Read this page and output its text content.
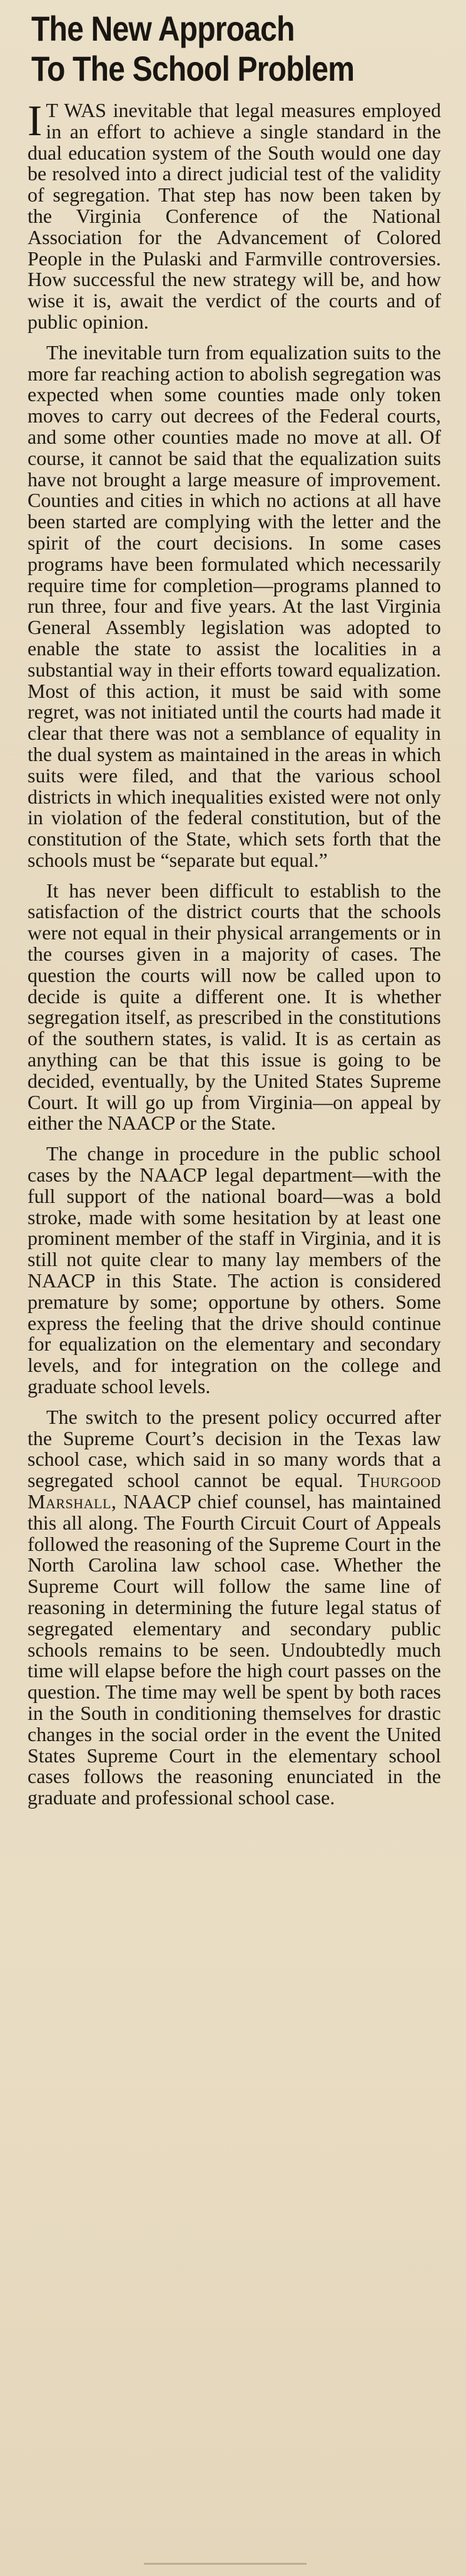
The New Approach
To The School Problem

I T WAS inevitable that legal measures employed in an effort to achieve a single standard in the dual education system of the South would one day be resolved into a direct judicial test of the validity of segregation. That step has now been taken by the Virginia Conference of the National Association for the Advancement of Colored People in the Pulaski and Farmville controversies. How successful the new strategy will be, and how wise it is, await the verdict of the courts and of public opinion.

The inevitable turn from equalization suits to the more far reaching action to abolish segregation was expected when some counties made only token moves to carry out decrees of the Federal courts, and some other counties made no move at all. Of course, it cannot be said that the equalization suits have not brought a large measure of improvement. Counties and cities in which no actions at all have been started are complying with the letter and the spirit of the court decisions. In some cases programs have been formulated which necessarily require time for completion—programs planned to run three, four and five years. At the last Virginia General Assembly legislation was adopted to enable the state to assist the localities in a substantial way in their efforts toward equalization. Most of this action, it must be said with some regret, was not initiated until the courts had made it clear that there was not a semblance of equality in the dual system as maintained in the areas in which suits were filed, and that the various school districts in which inequalities existed were not only in violation of the federal constitution, but of the constitution of the State, which sets forth that the schools must be “separate but equal.”

It has never been difficult to establish to the satisfaction of the district courts that the schools were not equal in their physical arrangements or in the courses given in a majority of cases. The question the courts will now be called upon to decide is quite a different one. It is whether segregation itself, as prescribed in the constitutions of the southern states, is valid. It is as certain as anything can be that this issue is going to be decided, eventually, by the United States Supreme Court. It will go up from Virginia—on appeal by either the NAACP or the State.

The change in procedure in the public school cases by the NAACP legal department—with the full support of the national board—was a bold stroke, made with some hesitation by at least one prominent member of the staff in Virginia, and it is still not quite clear to many lay members of the NAACP in this State. The action is considered premature by some; opportune by others. Some express the feeling that the drive should continue for equalization on the elementary and secondary levels, and for integration on the college and graduate school levels.

The switch to the present policy occurred after the Supreme Court’s decision in the Texas law school case, which said in so many words that a segregated school cannot be equal. Thurgood Marshall, NAACP chief counsel, has maintained this all along. The Fourth Circuit Court of Appeals followed the reasoning of the Supreme Court in the North Carolina law school case. Whether the Supreme Court will follow the same line of reasoning in determining the future legal status of segregated elementary and secondary public schools remains to be seen. Undoubtedly much time will elapse before the high court passes on the question. The time may well be spent by both races in the South in conditioning themselves for drastic changes in the social order in the event the United States Supreme Court in the elementary school cases follows the reasoning enunciated in the graduate and professional school case.
